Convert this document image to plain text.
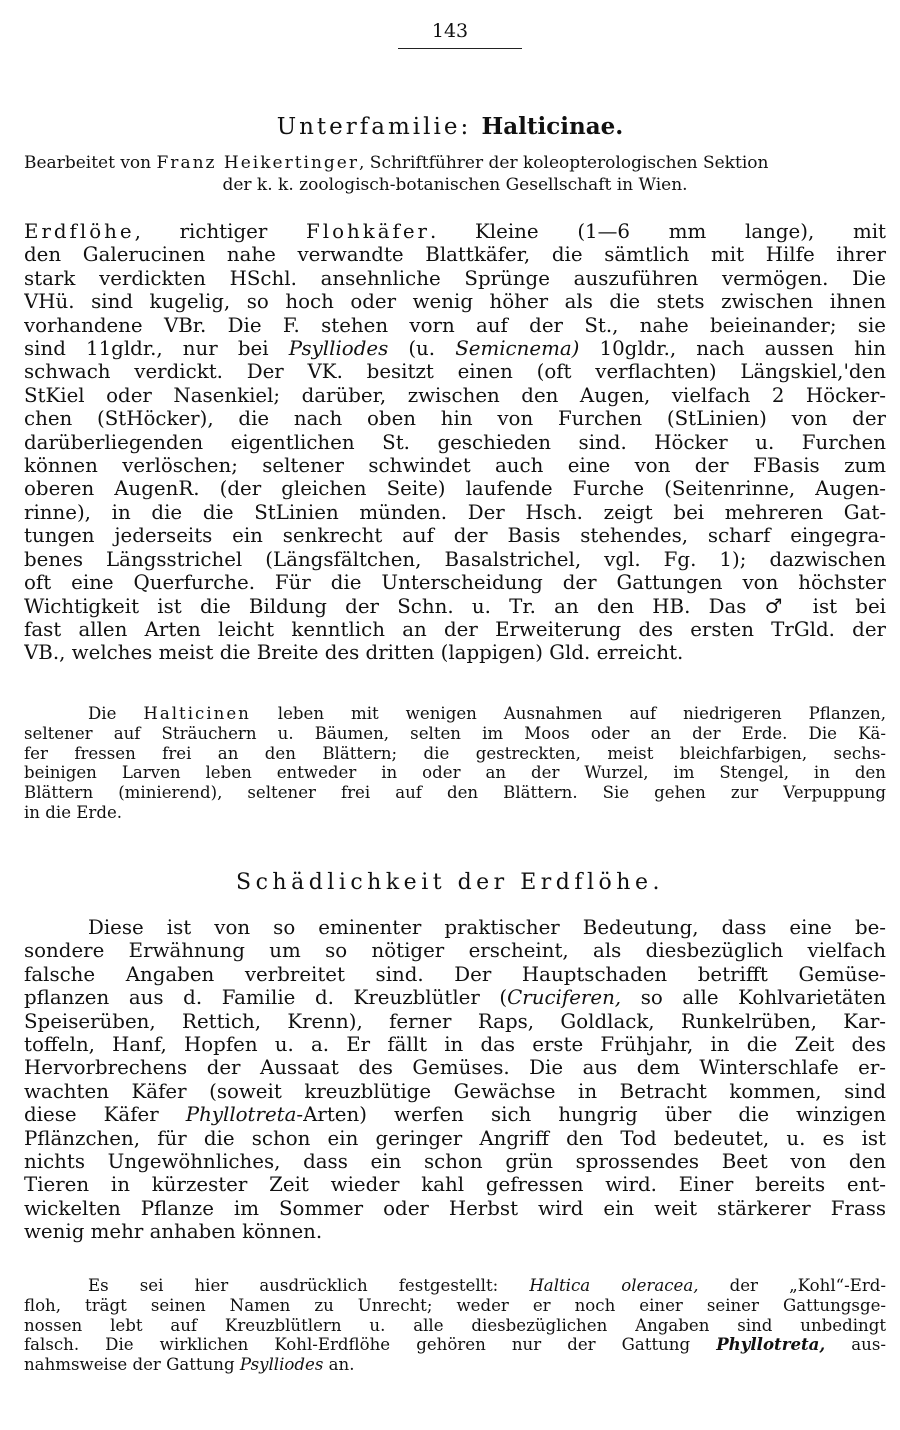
143
Unterfamilie: Halticinae.
Bearbeitet von Franz Heikertinger, Schriftführer der koleopterologischen Sektion
der k. k. zoologisch-botanischen Gesellschaft in Wien.
Erdflöhe, richtiger Flohkäfer. Kleine (1—6 mm lange), mit
den Galerucinen nahe verwandte Blattkäfer, die sämtlich mit Hilfe ihrer
stark verdickten HSchl. ansehnliche Sprünge auszuführen vermögen. Die
VHü. sind kugelig, so hoch oder wenig höher als die stets zwischen ihnen
vorhandene VBr. Die F. stehen vorn auf der St., nahe beieinander; sie
sind 11gldr., nur bei Psylliodes (u. Semicnema) 10gldr., nach aussen hin
schwach verdickt. Der VK. besitzt einen (oft verflachten) Längskiel,'den
StKiel oder Nasenkiel; darüber, zwischen den Augen, vielfach 2 Höcker-
chen (StHöcker), die nach oben hin von Furchen (StLinien) von der
darüberliegenden eigentlichen St. geschieden sind. Höcker u. Furchen
können verlöschen; seltener schwindet auch eine von der FBasis zum
oberen AugenR. (der gleichen Seite) laufende Furche (Seitenrinne, Augen-
rinne), in die die StLinien münden. Der Hsch. zeigt bei mehreren Gat-
tungen jederseits ein senkrecht auf der Basis stehendes, scharf eingegra-
benes Längsstrichel (Längsfältchen, Basalstrichel, vgl. Fg. 1); dazwischen
oft eine Querfurche. Für die Unterscheidung der Gattungen von höchster
Wichtigkeit ist die Bildung der Schn. u. Tr. an den HB. Das ♂ ist bei
fast allen Arten leicht kenntlich an der Erweiterung des ersten TrGld. der
VB., welches meist die Breite des dritten (lappigen) Gld. erreicht.
Die Halticinen leben mit wenigen Ausnahmen auf niedrigeren Pflanzen,
seltener auf Sträuchern u. Bäumen, selten im Moos oder an der Erde. Die Kä-
fer fressen frei an den Blättern; die gestreckten, meist bleichfarbigen, sechs-
beinigen Larven leben entweder in oder an der Wurzel, im Stengel, in den
Blättern (minierend), seltener frei auf den Blättern. Sie gehen zur Verpuppung
in die Erde.
Schädlichkeit der Erdflöhe.
Diese ist von so eminenter praktischer Bedeutung, dass eine be-
sondere Erwähnung um so nötiger erscheint, als diesbezüglich vielfach
falsche Angaben verbreitet sind. Der Hauptschaden betrifft Gemüse-
pflanzen aus d. Familie d. Kreuzblütler (Cruciferen, so alle Kohlvarietäten
Speiserüben, Rettich, Krenn), ferner Raps, Goldlack, Runkelrüben, Kar-
toffeln, Hanf, Hopfen u. a. Er fällt in das erste Frühjahr, in die Zeit des
Hervorbrechens der Aussaat des Gemüses. Die aus dem Winterschlafe er-
wachten Käfer (soweit kreuzblütige Gewächse in Betracht kommen, sind
diese Käfer Phyllotreta-Arten) werfen sich hungrig über die winzigen
Pflänzchen, für die schon ein geringer Angriff den Tod bedeutet, u. es ist
nichts Ungewöhnliches, dass ein schon grün sprossendes Beet von den
Tieren in kürzester Zeit wieder kahl gefressen wird. Einer bereits ent-
wickelten Pflanze im Sommer oder Herbst wird ein weit stärkerer Frass
wenig mehr anhaben können.
Es sei hier ausdrücklich festgestellt: Haltica oleracea, der „Kohl“-Erd-
floh, trägt seinen Namen zu Unrecht; weder er noch einer seiner Gattungsge-
nossen lebt auf Kreuzblütlern u. alle diesbezüglichen Angaben sind unbedingt
falsch. Die wirklichen Kohl-Erdflöhe gehören nur der Gattung Phyllotreta, aus-
nahmsweise der Gattung Psylliodes an.
